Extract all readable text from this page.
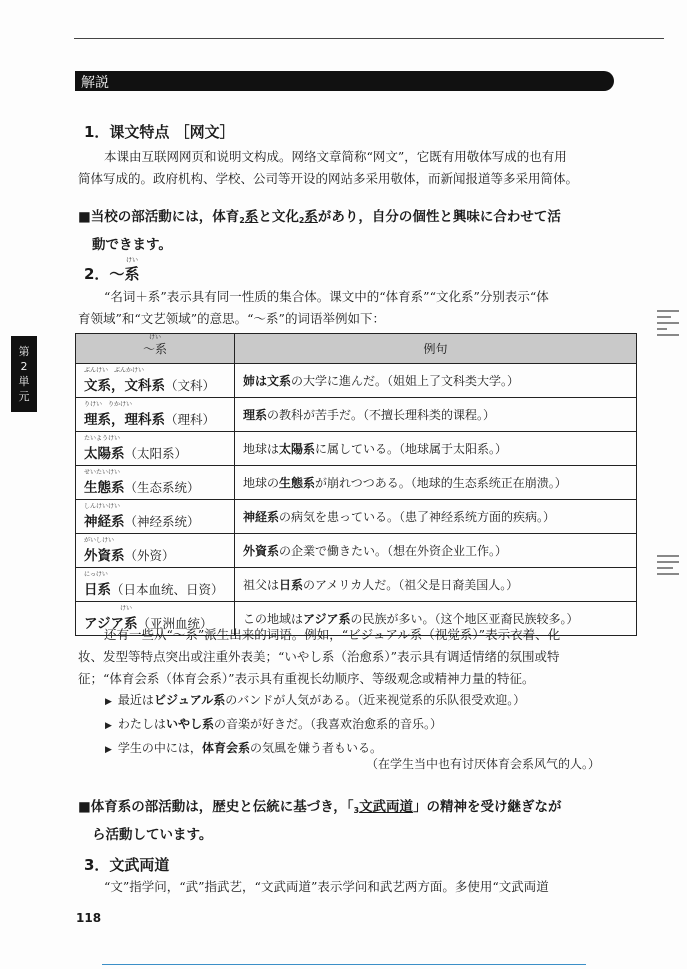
解説
1．课文特点 ［网文］
本课由互联网网页和说明文构成。网络文章简称“网文”，它既有用敬体写成的也有用
简体写成的。政府机构、学校、公司等开设的网站多采用敬体，而新闻报道等多采用简体。
■当校の部活動には，体育$_2$系と文化$_2$系があり，自分の個性と興味に合わせて活
動できます。
2．～
けい
系
“名词＋系”表示具有同一性质的集合体。课文中的“体育系”“文化系”分别表示“体
育领域”和“文艺领域”的意思。“～系”的词语举例如下：
第
2
単
元
けい
～系	例句

ぶんけい　ぶんかけい
文系，文科系（文科）	姉は文系の大学に進んだ。（姐姐上了文科类大学。）

りけい　りかけい
理系，理科系（理科）	理系の教科が苦手だ。（不擅长理科类的课程。）

たいようけい
太陽系（太阳系）	地球は太陽系に属している。（地球属于太阳系。）

せいたいけい
生態系（生态系统）	地球の生態系が崩れつつある。（地球的生态系统正在崩溃。）

しんけいけい
神経系（神经系统）	神経系の病気を患っている。（患了神经系统方面的疾病。）

がいしけい
外資系（外资）	外資系の企業で働きたい。（想在外资企业工作。）

にっけい
日系（日本血统、日资）	祖父は日系のアメリカ人だ。（祖父是日裔美国人。）

けい
アジア系（亚洲血统）	この地域はアジア系の民族が多い。（这个地区亚裔民族较多。）
还有一些从“～系”派生出来的词语。例如，“ビジュアル系（视觉系）”表示衣着、化
妆、发型等特点突出或注重外表美；“いやし系（治愈系）”表示具有调适情绪的氛围或特
征；“体育会系（体育会系）”表示具有重视长幼顺序、等级观念或精神力量的特征。
▶ 最近はビジュアル系のバンドが人気がある。（近来视觉系的乐队很受欢迎。）
▶ わたしはいやし系の音楽が好きだ。（我喜欢治愈系的音乐。）
▶ 学生の中には，体育会系の気風を嫌う者もいる。
（在学生当中也有讨厌体育会系风气的人。）
■体育系の部活動は，歴史と伝統に基づき，「$_3$文武両道」の精神を受け継ぎなが
ら活動しています。
3．文武両道
“文”指学问，“武”指武艺，“文武両道”表示学问和武艺两方面。多使用“文武両道
118
